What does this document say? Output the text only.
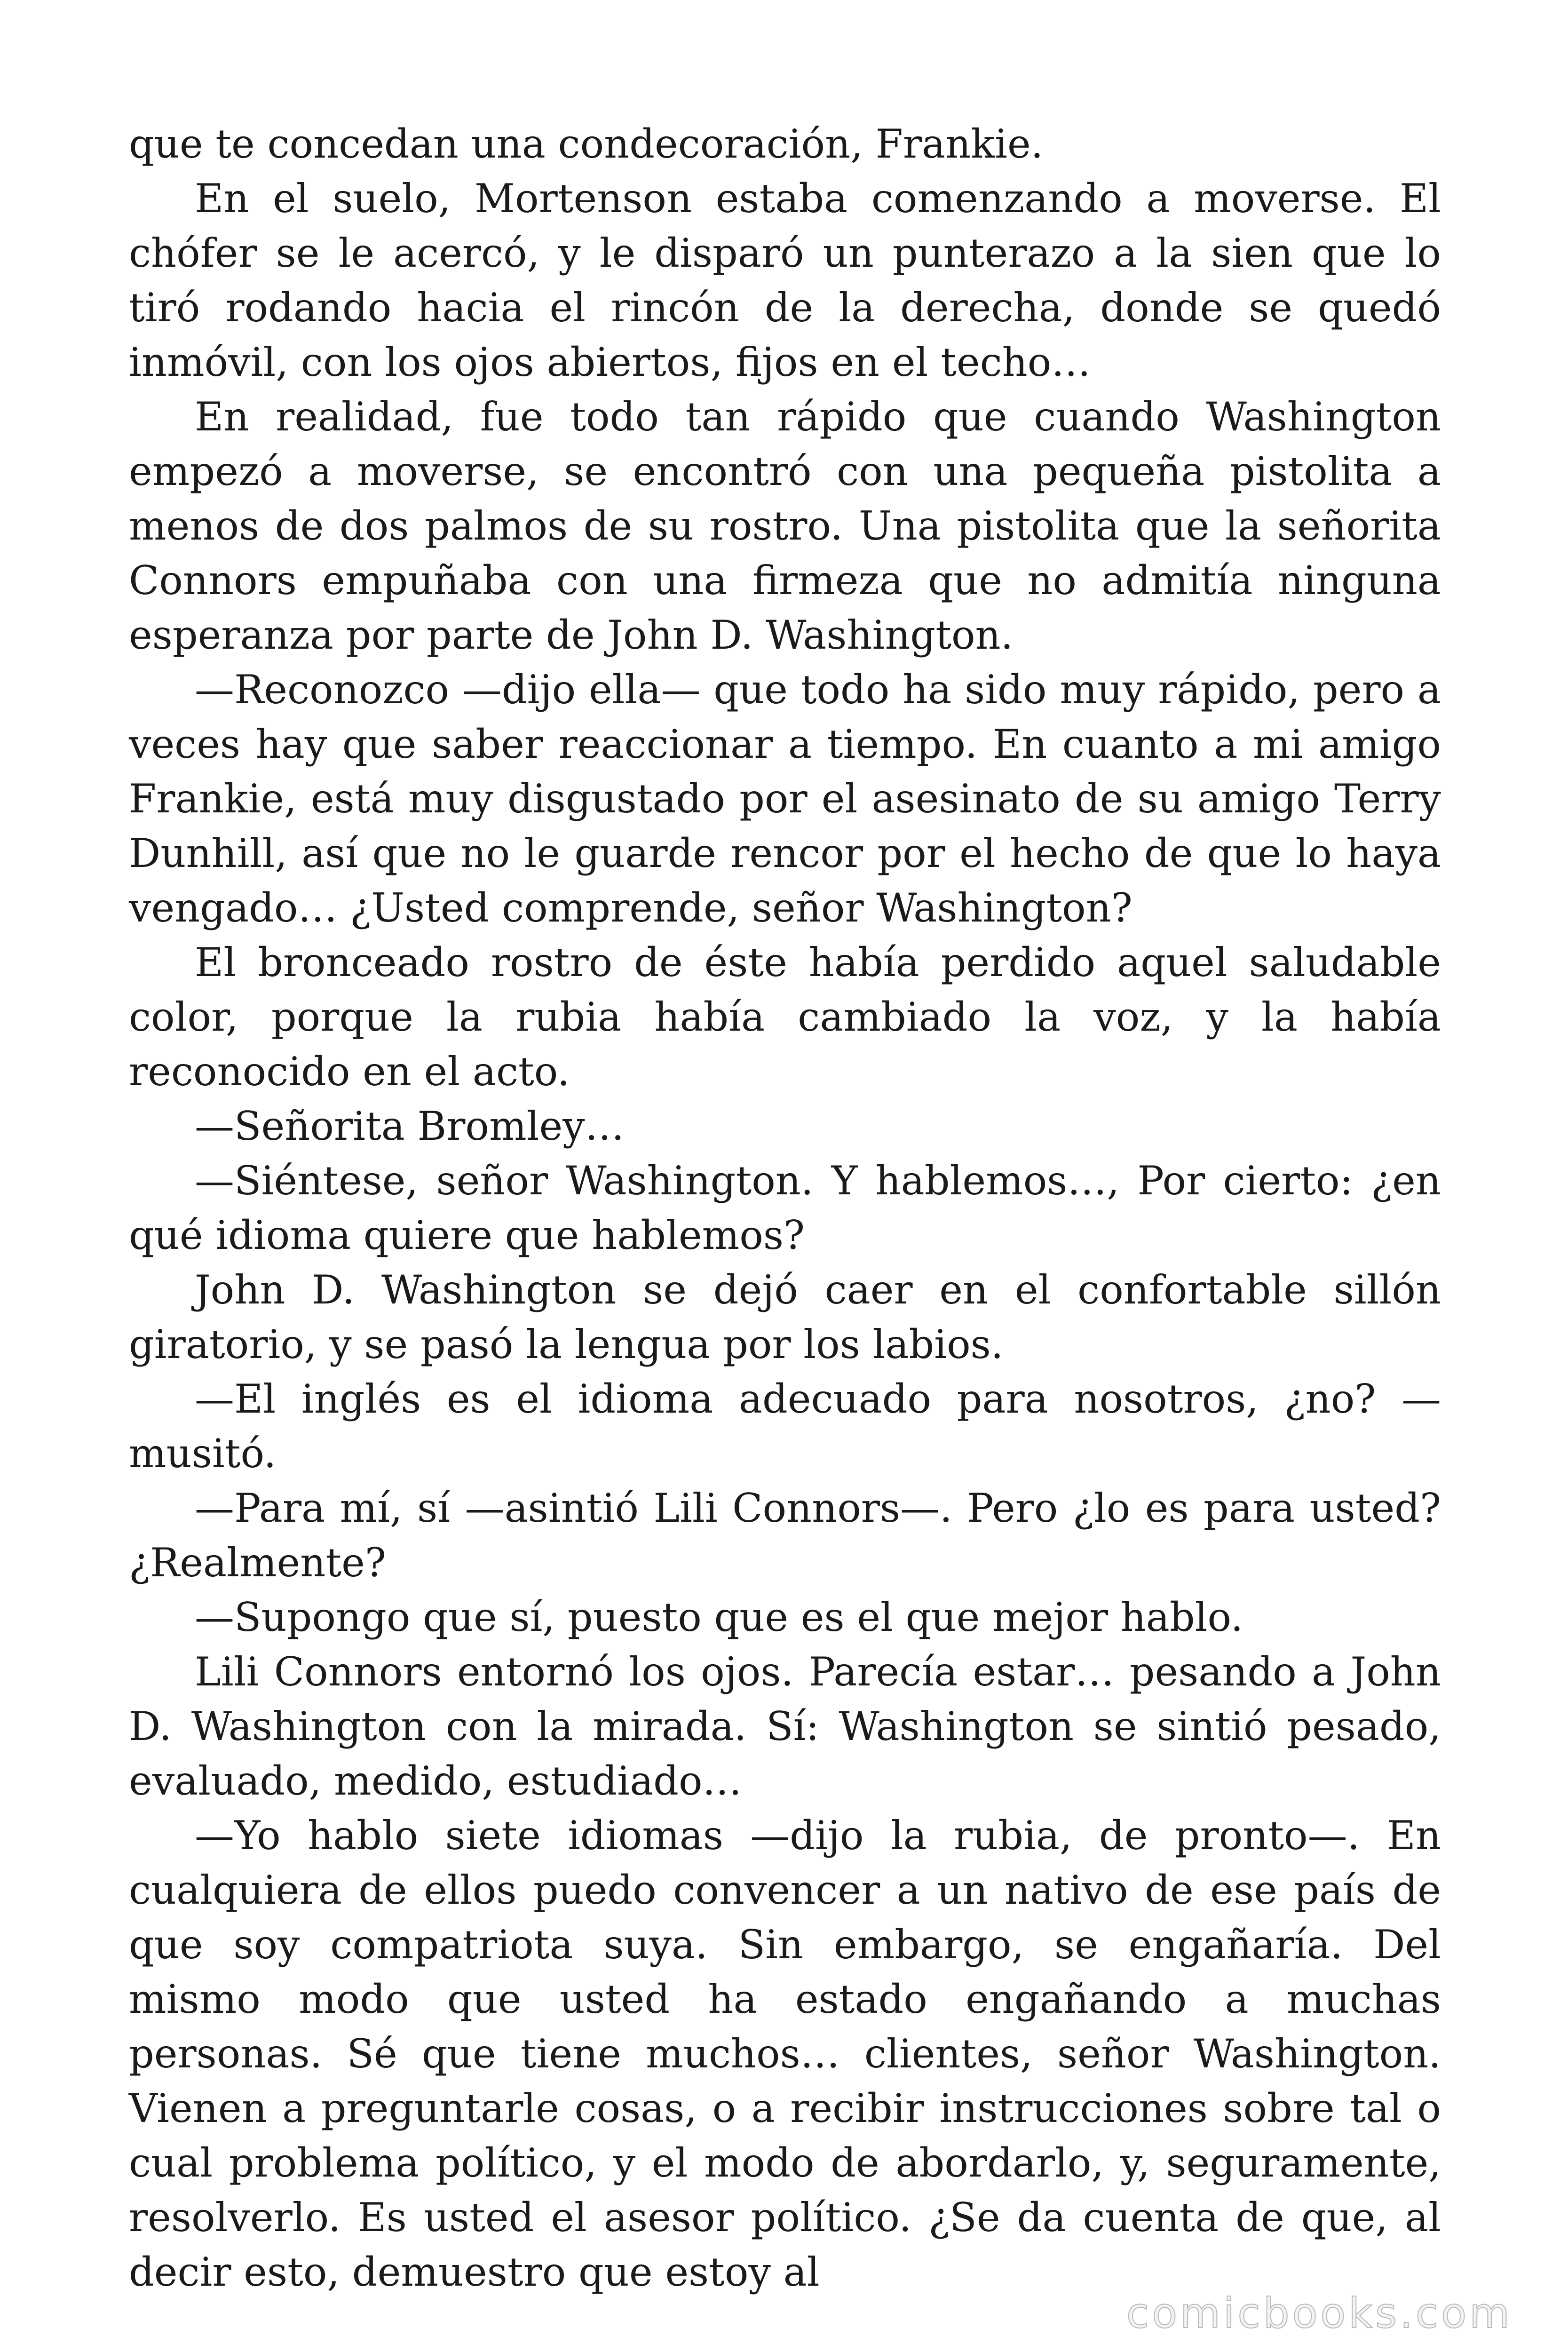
que te concedan una condecoración, Frankie.

En el suelo, Mortenson estaba comenzando a moverse. El chófer se le acercó, y le disparó un punterazo a la sien que lo tiró rodando hacia el rincón de la derecha, donde se quedó inmóvil, con los ojos abiertos, fijos en el techo…

En realidad, fue todo tan rápido que cuando Washington empezó a moverse, se encontró con una pequeña pistolita a menos de dos palmos de su rostro. Una pistolita que la señorita Connors empuñaba con una firmeza que no admitía ninguna esperanza por parte de John D. Washington.

—Reconozco —dijo ella— que todo ha sido muy rápido, pero a veces hay que saber reaccionar a tiempo. En cuanto a mi amigo Frankie, está muy disgustado por el asesinato de su amigo Terry Dunhill, así que no le guarde rencor por el hecho de que lo haya vengado… ¿Usted comprende, señor Washington?

El bronceado rostro de éste había perdido aquel saludable color, porque la rubia había cambiado la voz, y la había reconocido en el acto.

—Señorita Bromley…

—Siéntese, señor Washington. Y hablemos…, Por cierto: ¿en qué idioma quiere que hablemos?

John D. Washington se dejó caer en el confortable sillón giratorio, y se pasó la lengua por los labios.

—El inglés es el idioma adecuado para nosotros, ¿no? —musitó.

—Para mí, sí —asintió Lili Connors—. Pero ¿lo es para usted? ¿Realmente?

—Supongo que sí, puesto que es el que mejor hablo.

Lili Connors entornó los ojos. Parecía estar… pesando a John D. Washington con la mirada. Sí: Washington se sintió pesado, evaluado, medido, estudiado…

—Yo hablo siete idiomas —dijo la rubia, de pronto—. En cualquiera de ellos puedo convencer a un nativo de ese país de que soy compatriota suya. Sin embargo, se engañaría. Del mismo modo que usted ha estado engañando a muchas personas. Sé que tiene muchos… clientes, señor Washington. Vienen a preguntarle cosas, o a recibir instrucciones sobre tal o cual problema político, y el modo de abordarlo, y, seguramente, resolverlo. Es usted el asesor político. ¿Se da cuenta de que, al decir esto, demuestro que estoy al

comicbooks.com
